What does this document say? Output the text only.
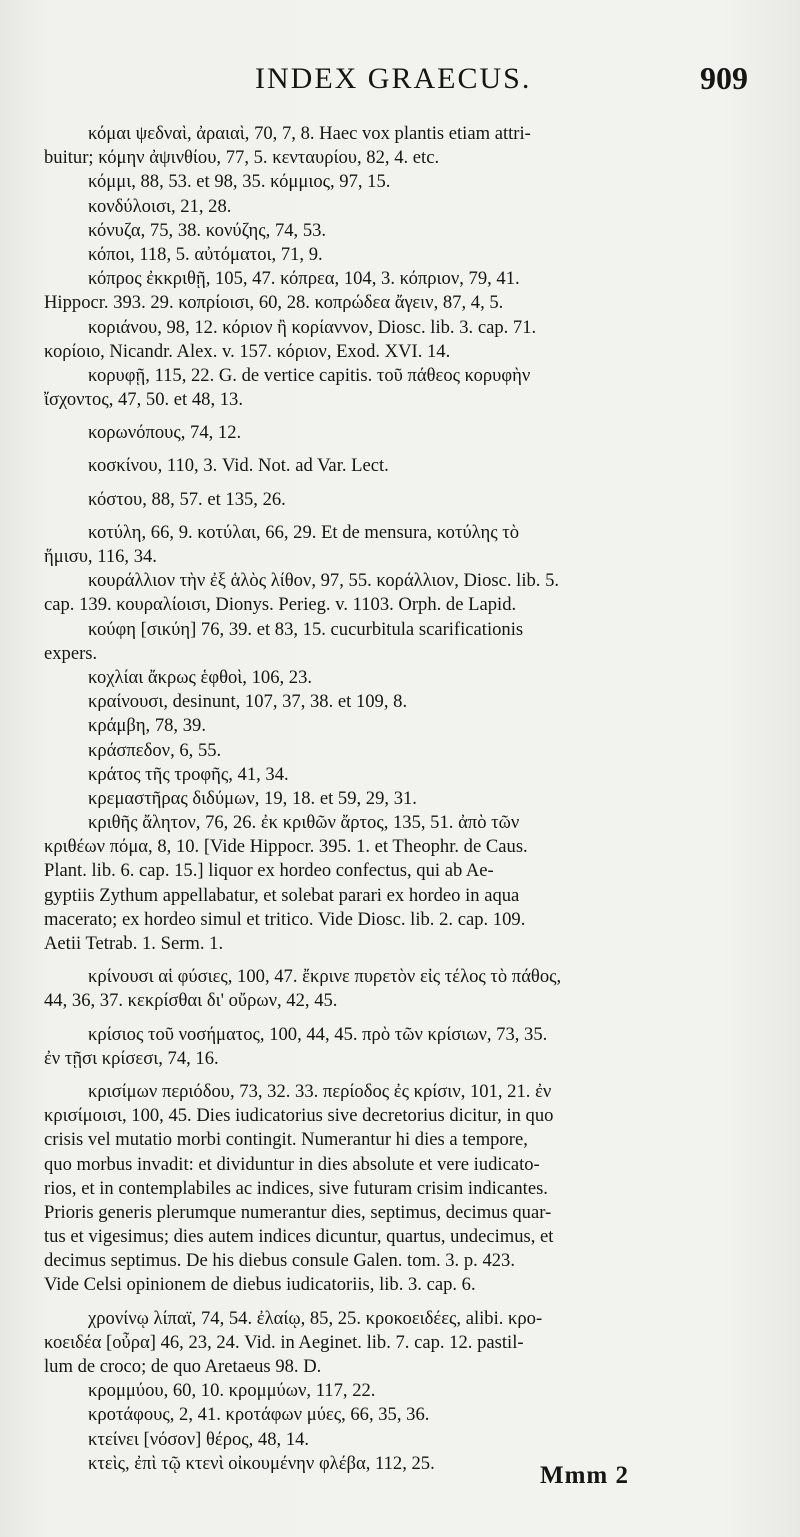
INDEX GRAECUS.	909
κόμαι ψεδναὶ, ἀραιαὶ, 70, 7, 8. Haec vox plantis etiam attri-
buitur; κόμην ἀψινθίου, 77, 5. κενταυρίου, 82, 4. etc.
κόμμι, 88, 53. et 98, 35. κόμμιος, 97, 15.
κονδύλοισι, 21, 28.
κόνυζα, 75, 38. κονύζης, 74, 53.
κόποι, 118, 5. αὐτόματοι, 71, 9.
κόπρος ἐκκριθῇ, 105, 47. κόπρεα, 104, 3. κόπριον, 79, 41.
Hippocr. 393. 29. κοπρίοισι, 60, 28. κοπρώδεα ἄγειν, 87, 4, 5.
κοριάνου, 98, 12. κόριον ἢ κορίαννον, Diosc. lib. 3. cap. 71.
κορίοιο, Nicandr. Alex. v. 157. κόριον, Exod. XVI. 14.
κορυφῇ, 115, 22. G. de vertice capitis. τοῦ πάθεος κορυφὴν
ἴσχοντος, 47, 50. et 48, 13.
κορωνόπους, 74, 12.
κοσκίνου, 110, 3. Vid. Not. ad Var. Lect.
κόστου, 88, 57. et 135, 26.
κοτύλη, 66, 9. κοτύλαι, 66, 29. Et de mensura, κοτύλης τὸ
ἥμισυ, 116, 34.
κουράλλιον τὴν ἐξ ἁλὸς λίθον, 97, 55. κοράλλιον, Diosc. lib. 5.
cap. 139. κουραλίοισι, Dionys. Perieg. v. 1103. Orph. de Lapid.
κούφη [σικύη] 76, 39. et 83, 15. cucurbitula scarificationis
expers.
κοχλίαι ἄκρως ἑφθοὶ, 106, 23.
κραίνουσι, desinunt, 107, 37, 38. et 109, 8.
κράμβη, 78, 39.
κράσπεδον, 6, 55.
κράτος τῆς τροφῆς, 41, 34.
κρεμαστῆρας διδύμων, 19, 18. et 59, 29, 31.
κριθῆς ἄλητον, 76, 26. ἐκ κριθῶν ἄρτος, 135, 51. ἀπὸ τῶν
κριθέων πόμα, 8, 10. [Vide Hippocr. 395. 1. et Theophr. de Caus.
Plant. lib. 6. cap. 15.] liquor ex hordeo confectus, qui ab Ae-
gyptiis Zythum appellabatur, et solebat parari ex hordeo in aqua
macerato; ex hordeo simul et tritico. Vide Diosc. lib. 2. cap. 109.
Aetii Tetrab. 1. Serm. 1.
κρίνουσι αἱ φύσιες, 100, 47. ἔκρινε πυρετὸν εἰς τέλος τὸ πάθος,
44, 36, 37. κεκρίσθαι δι' οὔρων, 42, 45.
κρίσιος τοῦ νοσήματος, 100, 44, 45. πρὸ τῶν κρίσιων, 73, 35.
ἐν τῇσι κρίσεσι, 74, 16.
κρισίμων περιόδου, 73, 32. 33. περίοδος ἐς κρίσιν, 101, 21. ἐν
κρισίμοισι, 100, 45. Dies iudicatorius sive decretorius dicitur, in quo
crisis vel mutatio morbi contingit. Numerantur hi dies a tempore,
quo morbus invadit: et dividuntur in dies absolute et vere iudicato-
rios, et in contemplabiles ac indices, sive futuram crisim indicantes.
Prioris generis plerumque numerantur dies, septimus, decimus quar-
tus et vigesimus; dies autem indices dicuntur, quartus, undecimus, et
decimus septimus. De his diebus consule Galen. tom. 3. p. 423.
Vide Celsi opinionem de diebus iudicatoriis, lib. 3. cap. 6.
χρονίνῳ λίπαϊ, 74, 54. ἐλαίῳ, 85, 25. κροκοειδέες, alibi. κρο-
κοειδέα [οὖρα] 46, 23, 24. Vid. in Aeginet. lib. 7. cap. 12. pastil-
lum de croco; de quo Aretaeus 98. D.
κρομμύου, 60, 10. κρομμύων, 117, 22.
κροτάφους, 2, 41. κροτάφων μύες, 66, 35, 36.
κτείνει [νόσον] θέρος, 48, 14.
κτεὶς, ἐπὶ τῷ κτενὶ οἰκουμένην φλέβα, 112, 25.	Mmm 2
